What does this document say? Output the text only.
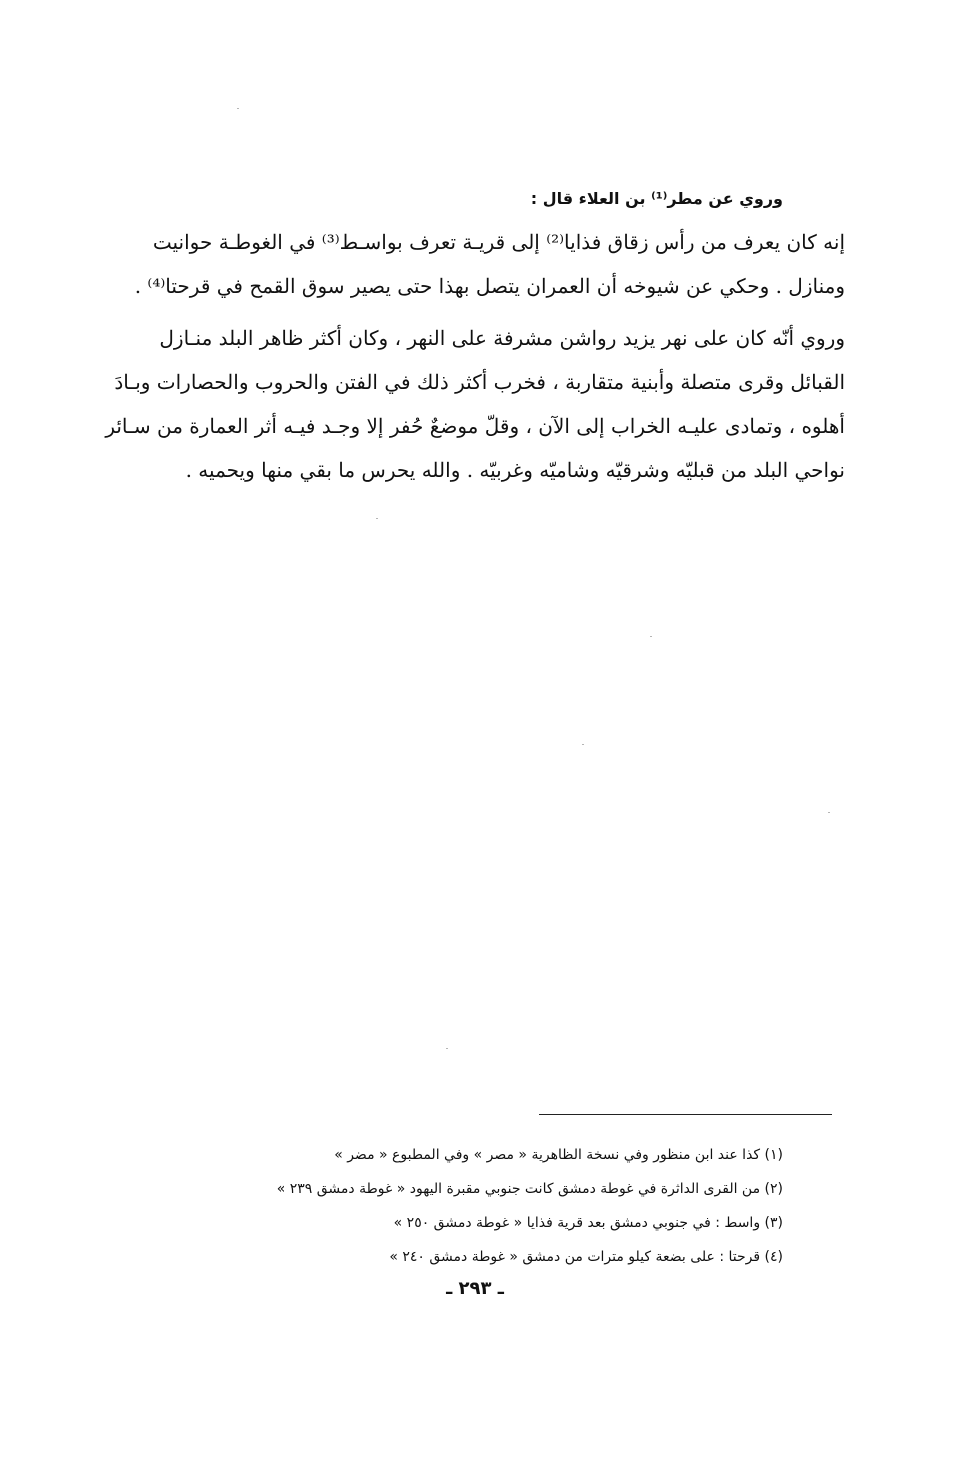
وروي عن مطر⁽¹⁾ بن العلاء قال :
إنه كان يعرف من رأس زقاق فذايا⁽²⁾ إلى قريـة تعرف بواسـط⁽³⁾ في الغوطـة حوانيت
ومنازل . وحكي عن شيوخه أن العمران يتصل بهذا حتى يصير سوق القمح في قرحتا⁽⁴⁾ .
وروي أنّه كان على نهر يزيد رواشن مشرفة على النهر ، وكان أكثر ظاهر البلد منـازل
القبائل وقرى متصلة وأبنية متقاربة ، فخرب أكثر ذلك في الفتن والحروب والحصارات وبـادَ
أهلوه ، وتمادى عليـه الخراب إلى الآن ، وقلّ موضعٌ حُفر إلا وجـد فيـه أثر العمارة من سـائر
نواحي البلد من قبليّه وشرقيّه وشاميّه وغربيّه . والله يحرس ما بقي منها ويحميه .
(١) كذا عند ابن منظور وفي نسخة الظاهرية « مصر » وفي المطبوع « مضر »
(٢) من القرى الداثرة في غوطة دمشق كانت جنوبي مقبرة اليهود « غوطة دمشق ٢٣٩ »
(٣) واسط : في جنوبي دمشق بعد قرية فذايا « غوطة دمشق ٢٥٠ »
(٤) قرحتا : على بضعة كيلو مترات من دمشق « غوطة دمشق ٢٤٠ »
ـ ٢٩٣ ـ
